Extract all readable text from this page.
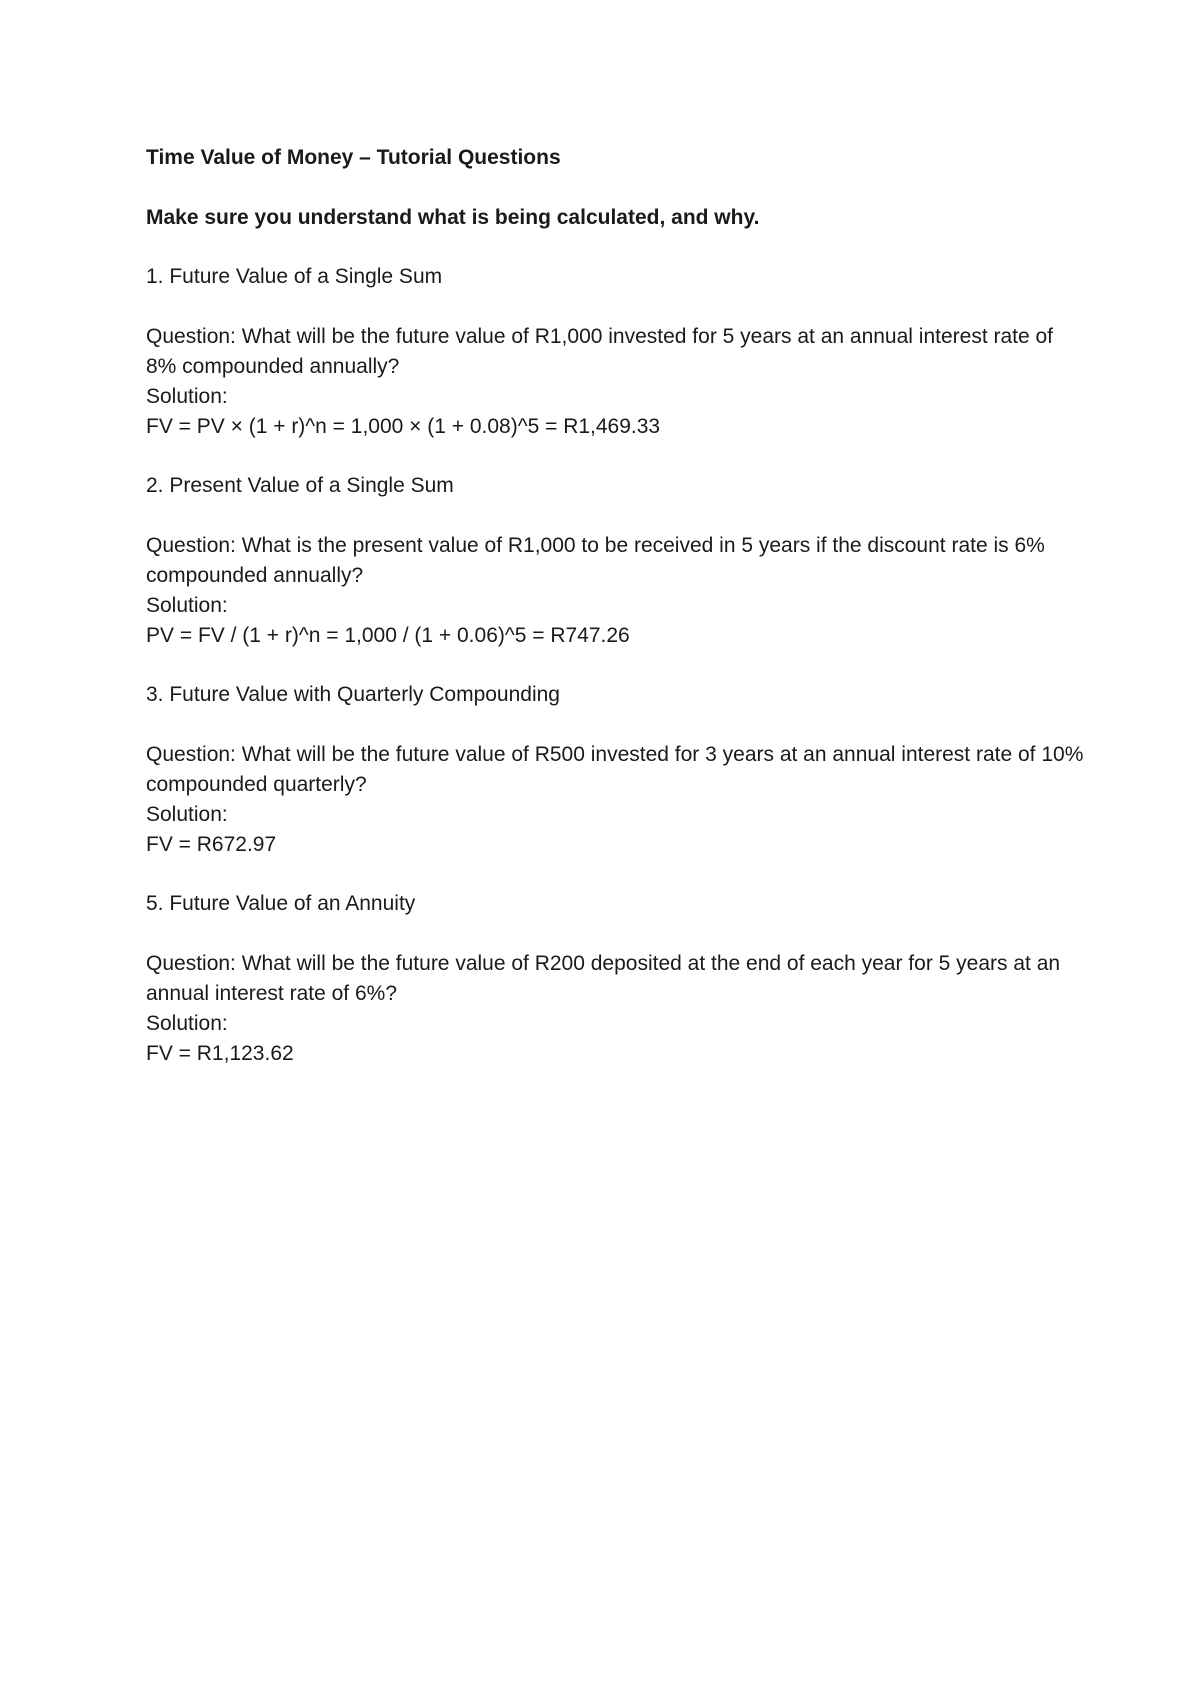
Time Value of Money – Tutorial Questions

Make sure you understand what is being calculated, and why.

1. Future Value of a Single Sum

Question: What will be the future value of R1,000 invested for 5 years at an annual interest rate of 8% compounded annually?

Solution:

FV = PV × (1 + r)^n = 1,000 × (1 + 0.08)^5 = R1,469.33

2. Present Value of a Single Sum

Question: What is the present value of R1,000 to be received in 5 years if the discount rate is 6% compounded annually?

Solution:

PV = FV / (1 + r)^n = 1,000 / (1 + 0.06)^5 = R747.26

3. Future Value with Quarterly Compounding

Question: What will be the future value of R500 invested for 3 years at an annual interest rate of 10% compounded quarterly?

Solution:

FV = R672.97

5. Future Value of an Annuity

Question: What will be the future value of R200 deposited at the end of each year for 5 years at an annual interest rate of 6%?

Solution:

FV = R1,123.62
